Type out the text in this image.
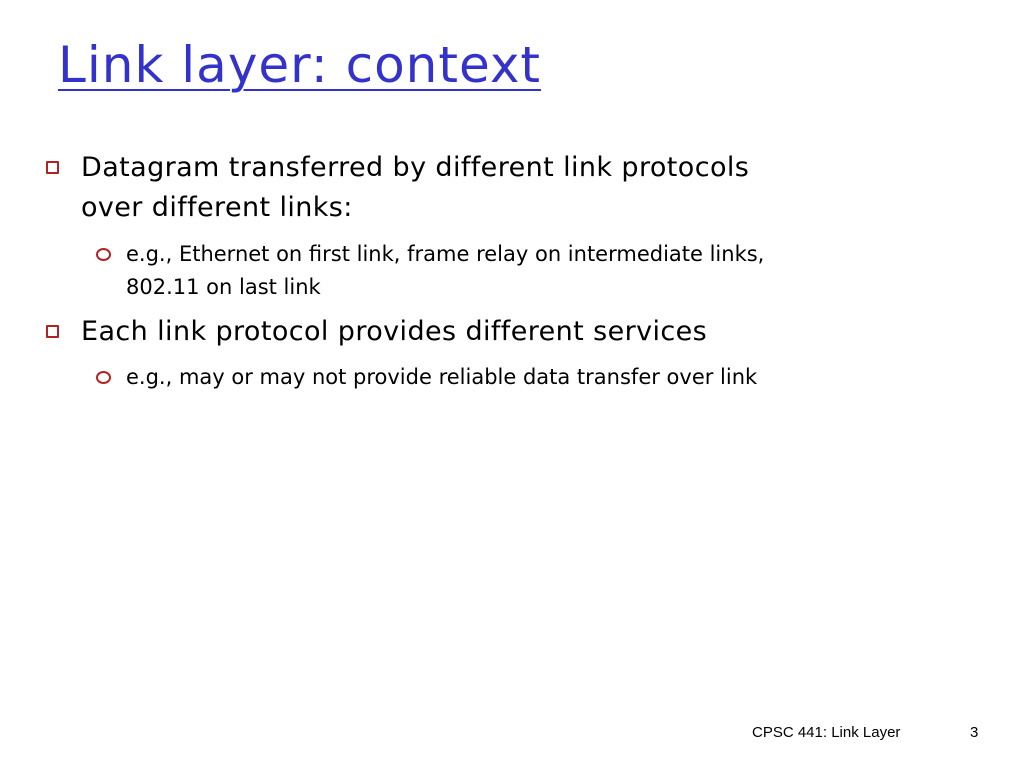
Link layer: context
Datagram transferred by different link protocols
over different links:
e.g., Ethernet on first link, frame relay on intermediate links,
802.11 on last link
Each link protocol provides different services
e.g., may or may not provide reliable data transfer over link
CPSC 441: Link Layer	3
